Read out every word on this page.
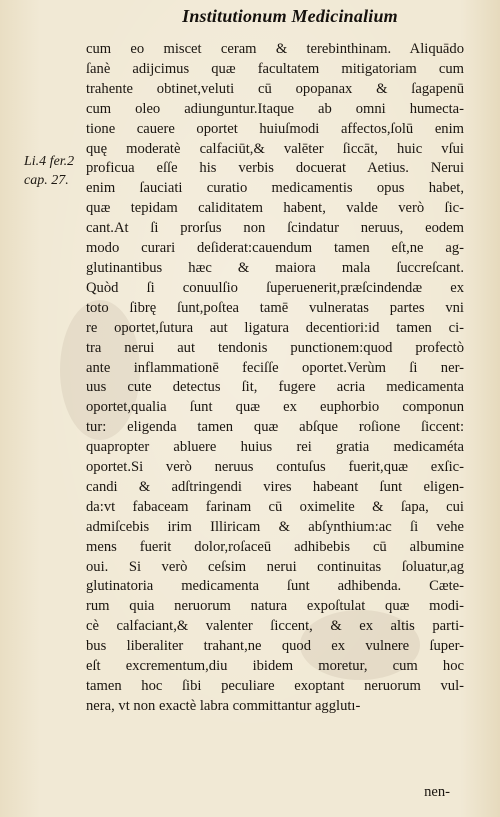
Institutionum Medicinalium
Li.4 fer.2
cap. 27.
cum eo miscet ceram & terebinthinam. Aliquādo
ſanè adijcimus quæ facultatem mitigatoriam cum
trahente obtinet,veluti cū opopanax & ſagapenū
cum oleo adiunguntur.Itaque ab omni humecta-
tione cauere oportet huiuſmodi affectos,ſolū enim
quę moderatè calfaciūt,& valēter ſiccāt, huic vſui
proficua eſſe his verbis docuerat Aetius. Nerui
enim ſauciati curatio medicamentis opus habet,
quæ tepidam caliditatem habent, valde verò ſic-
cant.At ſi prorſus non ſcindatur neruus, eodem
modo curari deſiderat:cauendum tamen eſt,ne ag-
glutinantibus hæc & maiora mala ſuccreſcant.
Quòd ſi conuulſio ſuperuenerit,præſcindendæ ex
toto ſibrę ſunt,poſtea tamē vulneratas partes vni
re oportet,ſutura aut ligatura decentiori:id tamen ci-
tra nerui aut tendonis punctionem:quod profectò
ante inflammationē feciſſe oportet.Verùm ſi ner-
uus cute detectus ſit, fugere acria medicamenta
oportet,qualia ſunt quæ ex euphorbio componun
tur: eligenda tamen quæ abſque roſione ſiccent:
quapropter abluere huius rei gratia medicaméta
oportet.Si verò neruus contuſus fuerit,quæ exſic-
candi & adſtringendi vires habeant ſunt eligen-
da:vt fabaceam farinam cū oximelite & ſapa, cui
admiſcebis irim Illiricam & abſynthium:ac ſi vehe
mens fuerit dolor,roſaceū adhibebis cū albumine
oui. Si verò ceſsim nerui continuitas ſoluatur,ag
glutinatoria medicamenta ſunt adhibenda. Cæte-
rum quia neruorum natura expoſtulat quæ modi-
cè calfaciant,& valenter ſiccent, & ex altis parti-
bus liberaliter trahant,ne quod ex vulnere ſuper-
eſt excrementum,diu ibidem moretur, cum hoc
tamen hoc ſibi peculiare exoptant neruorum vul-
nera, vt non exactè labra committantur agglutı-
nen-
